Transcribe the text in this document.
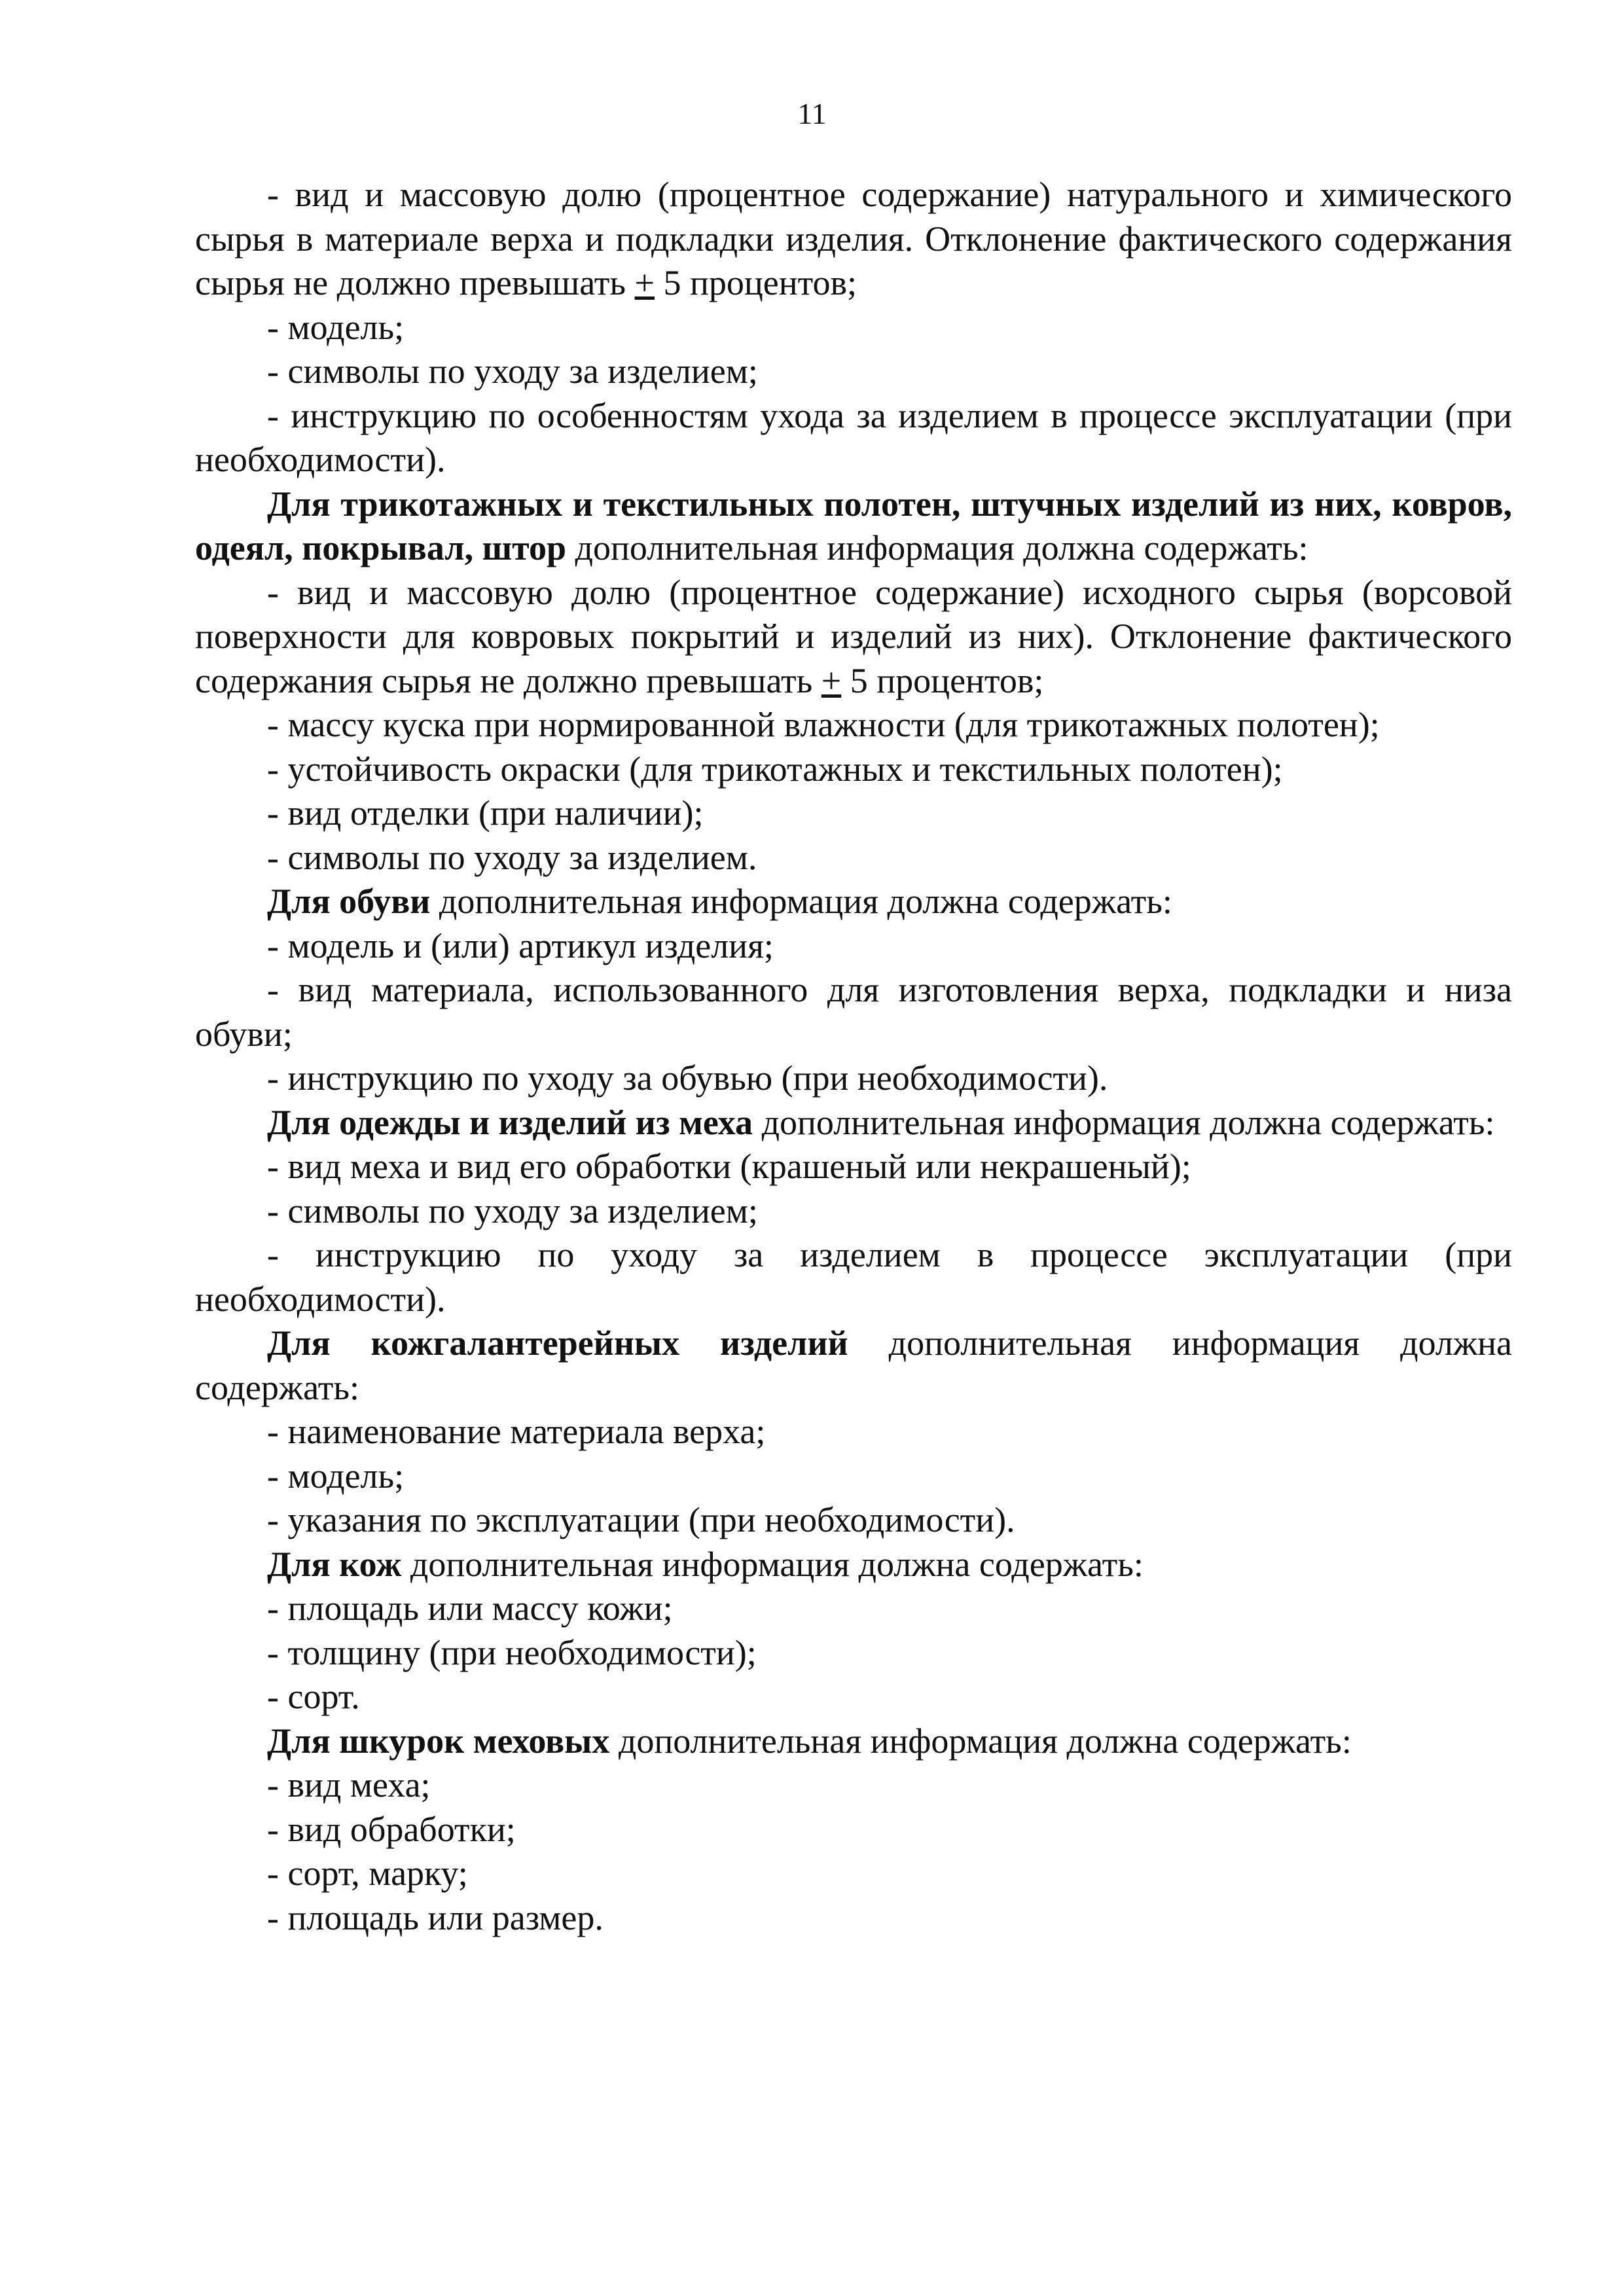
11

- вид и массовую долю (процентное содержание) натурального и химического сырья в материале верха и подкладки изделия. Отклонение фактического содержания сырья не должно превышать + 5 процентов;

- модель;

- символы по уходу за изделием;

- инструкцию по особенностям ухода за изделием в процессе эксплуатации (при необходимости).

Для трикотажных и текстильных полотен, штучных изделий из них, ковров, одеял, покрывал, штор дополнительная информация должна содержать:

- вид и массовую долю (процентное содержание) исходного сырья (ворсовой поверхности для ковровых покрытий и изделий из них). Отклонение фактического содержания сырья не должно превышать + 5 процентов;

- массу куска при нормированной влажности (для трикотажных полотен);

- устойчивость окраски (для трикотажных и текстильных полотен);

- вид отделки (при наличии);

- символы по уходу за изделием.

Для обуви дополнительная информация должна содержать:

- модель и (или) артикул изделия;

- вид материала, использованного для изготовления верха, подкладки и низа обуви;

- инструкцию по уходу за обувью (при необходимости).

Для одежды и изделий из меха дополнительная информация должна содержать:

- вид меха и вид его обработки (крашеный или некрашеный);

- символы по уходу за изделием;

- инструкцию по уходу за изделием в процессе эксплуатации (при необходимости).

Для кожгалантерейных изделий дополнительная информация должна содержать:

- наименование материала верха;

- модель;

- указания по эксплуатации (при необходимости).

Для кож дополнительная информация должна содержать:

- площадь или массу кожи;

- толщину (при необходимости);

- сорт.

Для шкурок меховых дополнительная информация должна содержать:

- вид меха;

- вид обработки;

- сорт, марку;

- площадь или размер.
